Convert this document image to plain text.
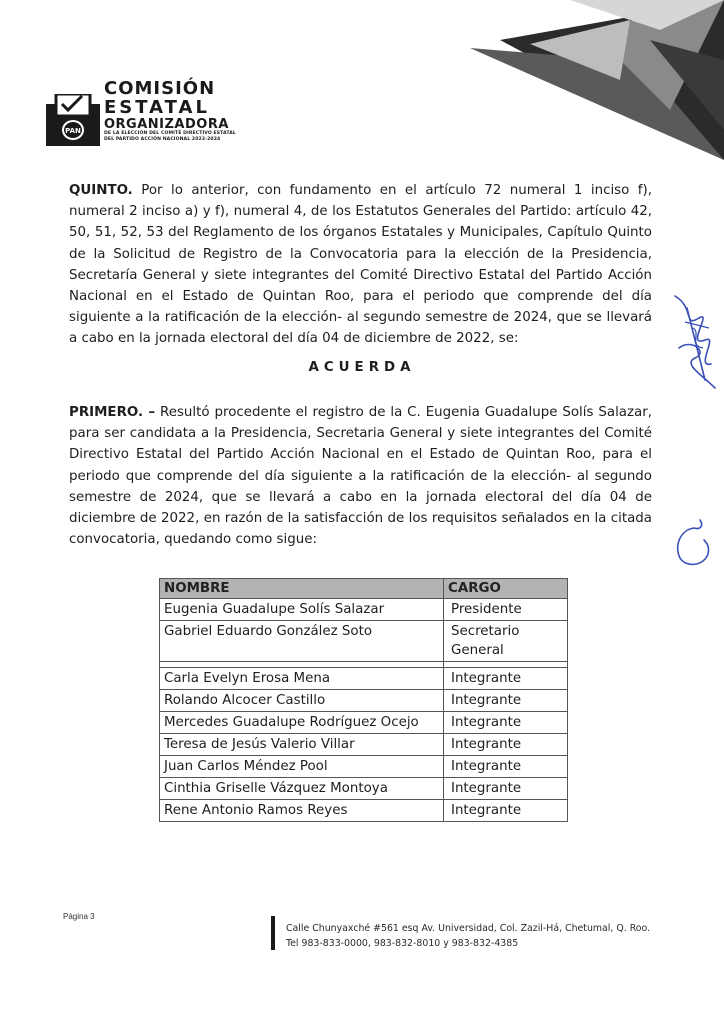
PAN
COMISIÓN
ESTATAL
ORGANIZADORA
DE LA ELECCIÓN DEL COMITÉ DIRECTIVO ESTATAL
DEL PARTIDO ACCIÓN NACIONAL 2022-2024
QUINTO. Por lo anterior, con fundamento en el artículo 72 numeral 1 inciso f), numeral 2 inciso a) y f), numeral 4, de los Estatutos Generales del Partido: artículo 42, 50, 51, 52, 53 del Reglamento de los órganos Estatales y Municipales, Capítulo Quinto de la Solicitud de Registro de la Convocatoria para la elección de la Presidencia, Secretaría General y siete integrantes del Comité Directivo Estatal del Partido Acción Nacional en el Estado de Quintan Roo, para el periodo que comprende del día siguiente a la ratificación de la elección- al segundo semestre de 2024, que se llevará a cabo en la jornada electoral del día 04 de diciembre de 2022, se:
ACUERDA
PRIMERO. – Resultó procedente el registro de la C. Eugenia Guadalupe Solís Salazar, para ser candidata a la Presidencia, Secretaria General y siete integrantes del Comité Directivo Estatal del Partido Acción Nacional en el Estado de Quintan Roo, para el periodo que comprende del día siguiente a la ratificación de la elección- al segundo semestre de 2024, que se llevará a cabo en la jornada electoral del día 04 de diciembre de 2022, en razón de la satisfacción de los requisitos señalados en la citada convocatoria, quedando como sigue:
NOMBRE	CARGO
Eugenia Guadalupe Solís Salazar	Presidente
Gabriel Eduardo González Soto	Secretario General

Carla Evelyn Erosa Mena	Integrante
Rolando Alcocer Castillo	Integrante
Mercedes Guadalupe Rodríguez Ocejo	Integrante
Teresa de Jesús Valerio Villar	Integrante
Juan Carlos Méndez Pool	Integrante
Cinthia Griselle Vázquez Montoya	Integrante
Rene Antonio Ramos Reyes	Integrante
Página 3
Calle Chunyaxché #561 esq Av. Universidad, Col. Zazil-Há, Chetumal, Q. Roo.
Tel 983-833-0000, 983-832-8010 y 983-832-4385
